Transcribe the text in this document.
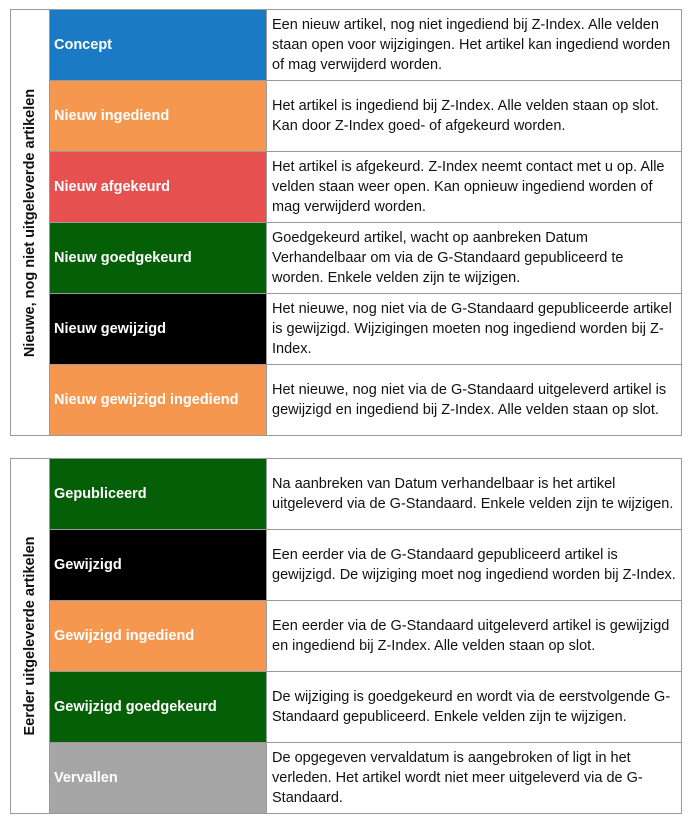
Nieuwe, nog niet uitgeleverde artikelen	Concept	Een nieuw artikel, nog niet ingediend bij Z-Index. Alle velden staan open voor wijzigingen. Het artikel kan ingediend worden of mag verwijderd worden.
	Nieuw ingediend	Het artikel is ingediend bij Z-Index. Alle velden staan op slot. Kan door Z-Index goed- of afgekeurd worden.
	Nieuw afgekeurd	Het artikel is afgekeurd. Z-Index neemt contact met u op. Alle velden staan weer open. Kan opnieuw ingediend worden of mag verwijderd worden.
	Nieuw goedgekeurd	Goedgekeurd artikel, wacht op aanbreken Datum Verhandelbaar om via de G-Standaard gepubliceerd te worden. Enkele velden zijn te wijzigen.
	Nieuw gewijzigd	Het nieuwe, nog niet via de G-Standaard gepubliceerde artikel is gewijzigd. Wijzigingen moeten nog ingediend worden bij Z-Index.
	Nieuw gewijzigd ingediend	Het nieuwe, nog niet via de G-Standaard uitgeleverd artikel is gewijzigd en ingediend bij Z-Index. Alle velden staan op slot.
Eerder uitgeleverde artikelen	Gepubliceerd	Na aanbreken van Datum verhandelbaar is het artikel uitgeleverd via de G-Standaard. Enkele velden zijn te wijzigen.
	Gewijzigd	Een eerder via de G-Standaard gepubliceerd artikel is gewijzigd. De wijziging moet nog ingediend worden bij Z-Index.
	Gewijzigd ingediend	Een eerder via de G-Standaard uitgeleverd artikel is gewijzigd en ingediend bij Z-Index. Alle velden staan op slot.
	Gewijzigd goedgekeurd	De wijziging is goedgekeurd en wordt via de eerstvolgende G-Standaard gepubliceerd. Enkele velden zijn te wijzigen.
	Vervallen	De opgegeven vervaldatum is aangebroken of ligt in het verleden. Het artikel wordt niet meer uitgeleverd via de G-Standaard.
